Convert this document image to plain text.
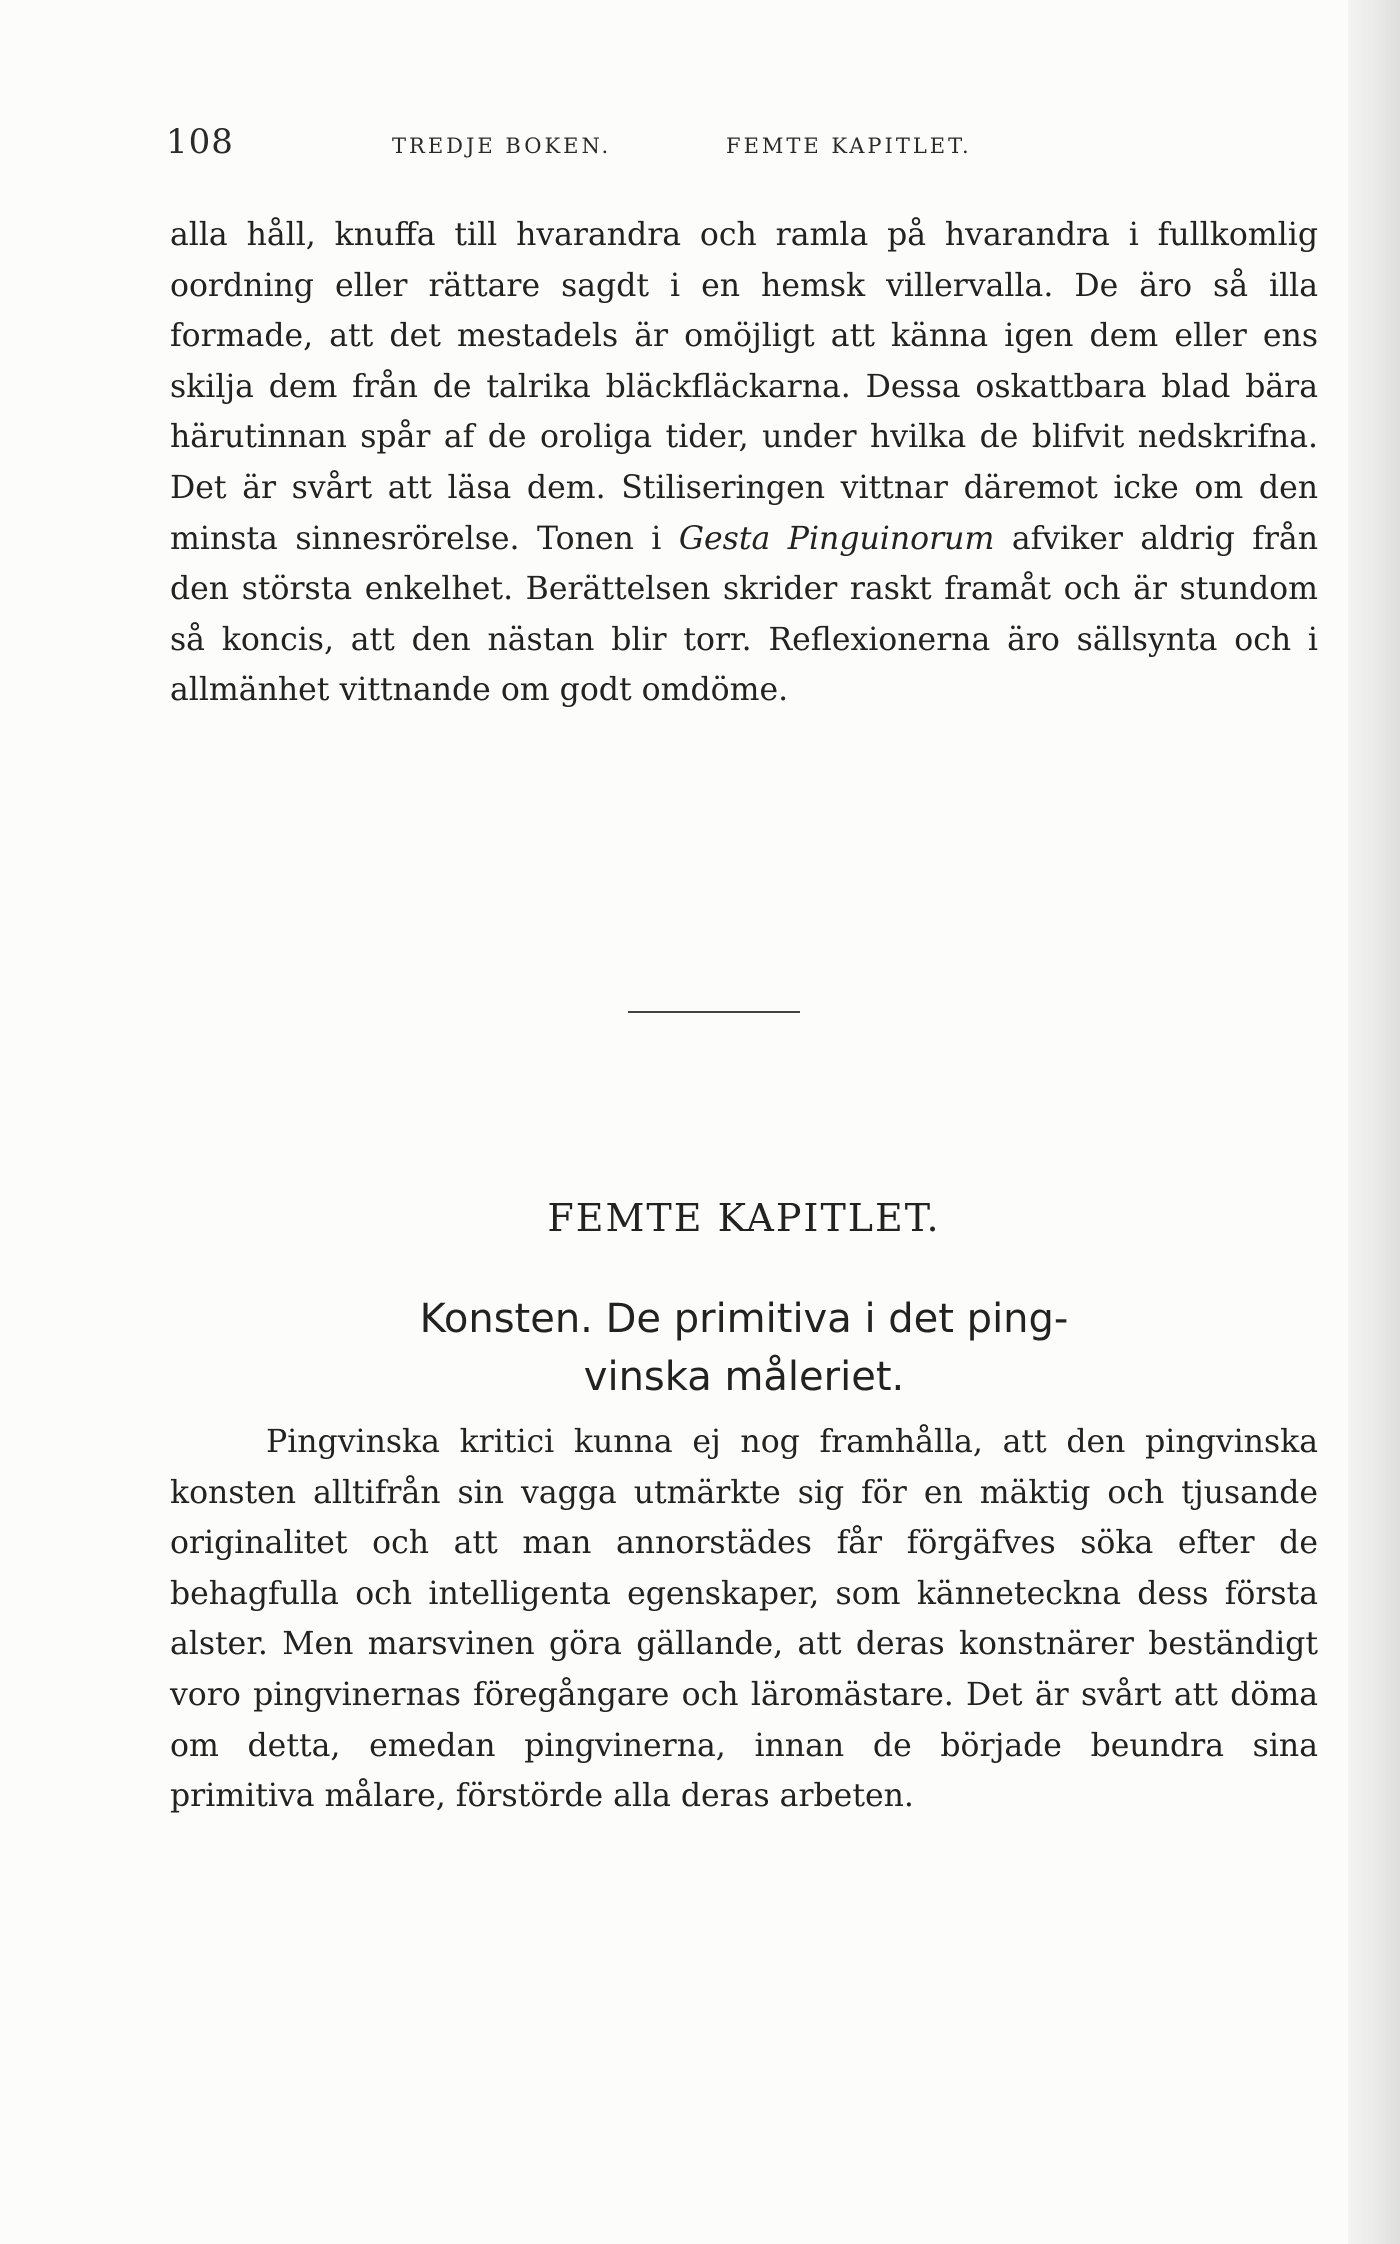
108	TREDJE BOKEN.	FEMTE KAPITLET.

alla håll, knuffa till hvarandra och ramla på hvarandra i fullkomlig oordning eller rättare sagdt i en hemsk villervalla. De äro så illa formade, att det mestadels är omöjligt att känna igen dem eller ens skilja dem från de talrika bläckfläckarna. Dessa oskattbara blad bära härutinnan spår af de oroliga tider, under hvilka de blifvit nedskrifna. Det är svårt att läsa dem. Stiliseringen vittnar däremot icke om den minsta sinnesrörelse. Tonen i Gesta Pinguinorum afviker aldrig från den största enkelhet. Berättelsen skrider raskt framåt och är stundom så koncis, att den nästan blir torr. Reflexionerna äro sällsynta och i allmänhet vittnande om godt omdöme.

FEMTE KAPITLET.
Konsten. De primitiva i det ping-
vinska måleriet.

Pingvinska kritici kunna ej nog framhålla, att den pingvinska konsten alltifrån sin vagga utmärkte sig för en mäktig och tjusande originalitet och att man annorstädes får förgäfves söka efter de behagfulla och intelligenta egenskaper, som känneteckna dess första alster. Men marsvinen göra gällande, att deras konstnärer beständigt voro pingvinernas föregångare och läromästare. Det är svårt att döma om detta, emedan pingvinerna, innan de började beundra sina primitiva målare, förstörde alla deras arbeten.
